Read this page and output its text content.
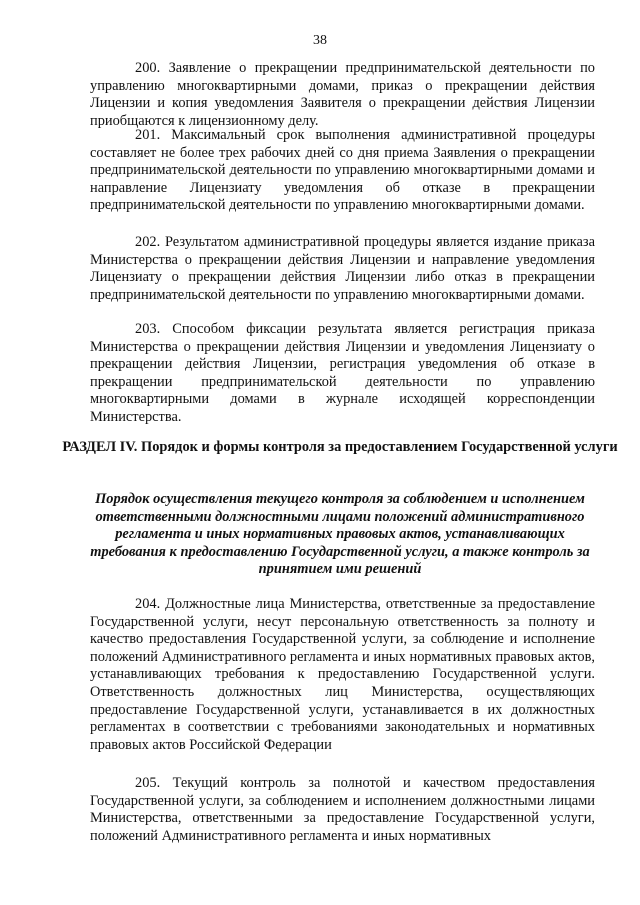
38
200. Заявление о прекращении предпринимательской деятельности по управлению многоквартирными домами, приказ о прекращении действия Лицензии и копия уведомления Заявителя о прекращении действия Лицензии приобщаются к лицензионному делу.
201. Максимальный срок выполнения административной процедуры составляет не более трех рабочих дней со дня приема Заявления о прекращении предпринимательской деятельности по управлению многоквартирными домами и направление Лицензиату уведомления об отказе в прекращении предпринимательской деятельности по управлению многоквартирными домами.
202. Результатом административной процедуры является издание приказа Министерства о прекращении действия Лицензии и направление уведомления Лицензиату о прекращении действия Лицензии либо отказ в прекращении предпринимательской деятельности по управлению многоквартирными домами.
203. Способом фиксации результата является регистрация приказа Министерства о прекращении действия Лицензии и уведомления Лицензиату о прекращении действия Лицензии, регистрация уведомления об отказе в прекращении предпринимательской деятельности по управлению многоквартирными домами в журнале исходящей корреспонденции Министерства.
РАЗДЕЛ IV. Порядок и формы контроля за предоставлением Государственной услуги
Порядок осуществления текущего контроля за соблюдением и исполнением ответственными должностными лицами положений административного регламента и иных нормативных правовых актов, устанавливающих требования к предоставлению Государственной услуги, а также контроль за принятием ими решений
204. Должностные лица Министерства, ответственные за предоставление Государственной услуги, несут персональную ответственность за полноту и качество предоставления Государственной услуги, за соблюдение и исполнение положений Административного регламента и иных нормативных правовых актов, устанавливающих требования к предоставлению Государственной услуги. Ответственность должностных лиц Министерства, осуществляющих предоставление Государственной услуги, устанавливается в их должностных регламентах в соответствии с требованиями законодательных и нормативных правовых актов Российской Федерации
205. Текущий контроль за полнотой и качеством предоставления Государственной услуги, за соблюдением и исполнением должностными лицами Министерства, ответственными за предоставление Государственной услуги, положений Административного регламента и иных нормативных
